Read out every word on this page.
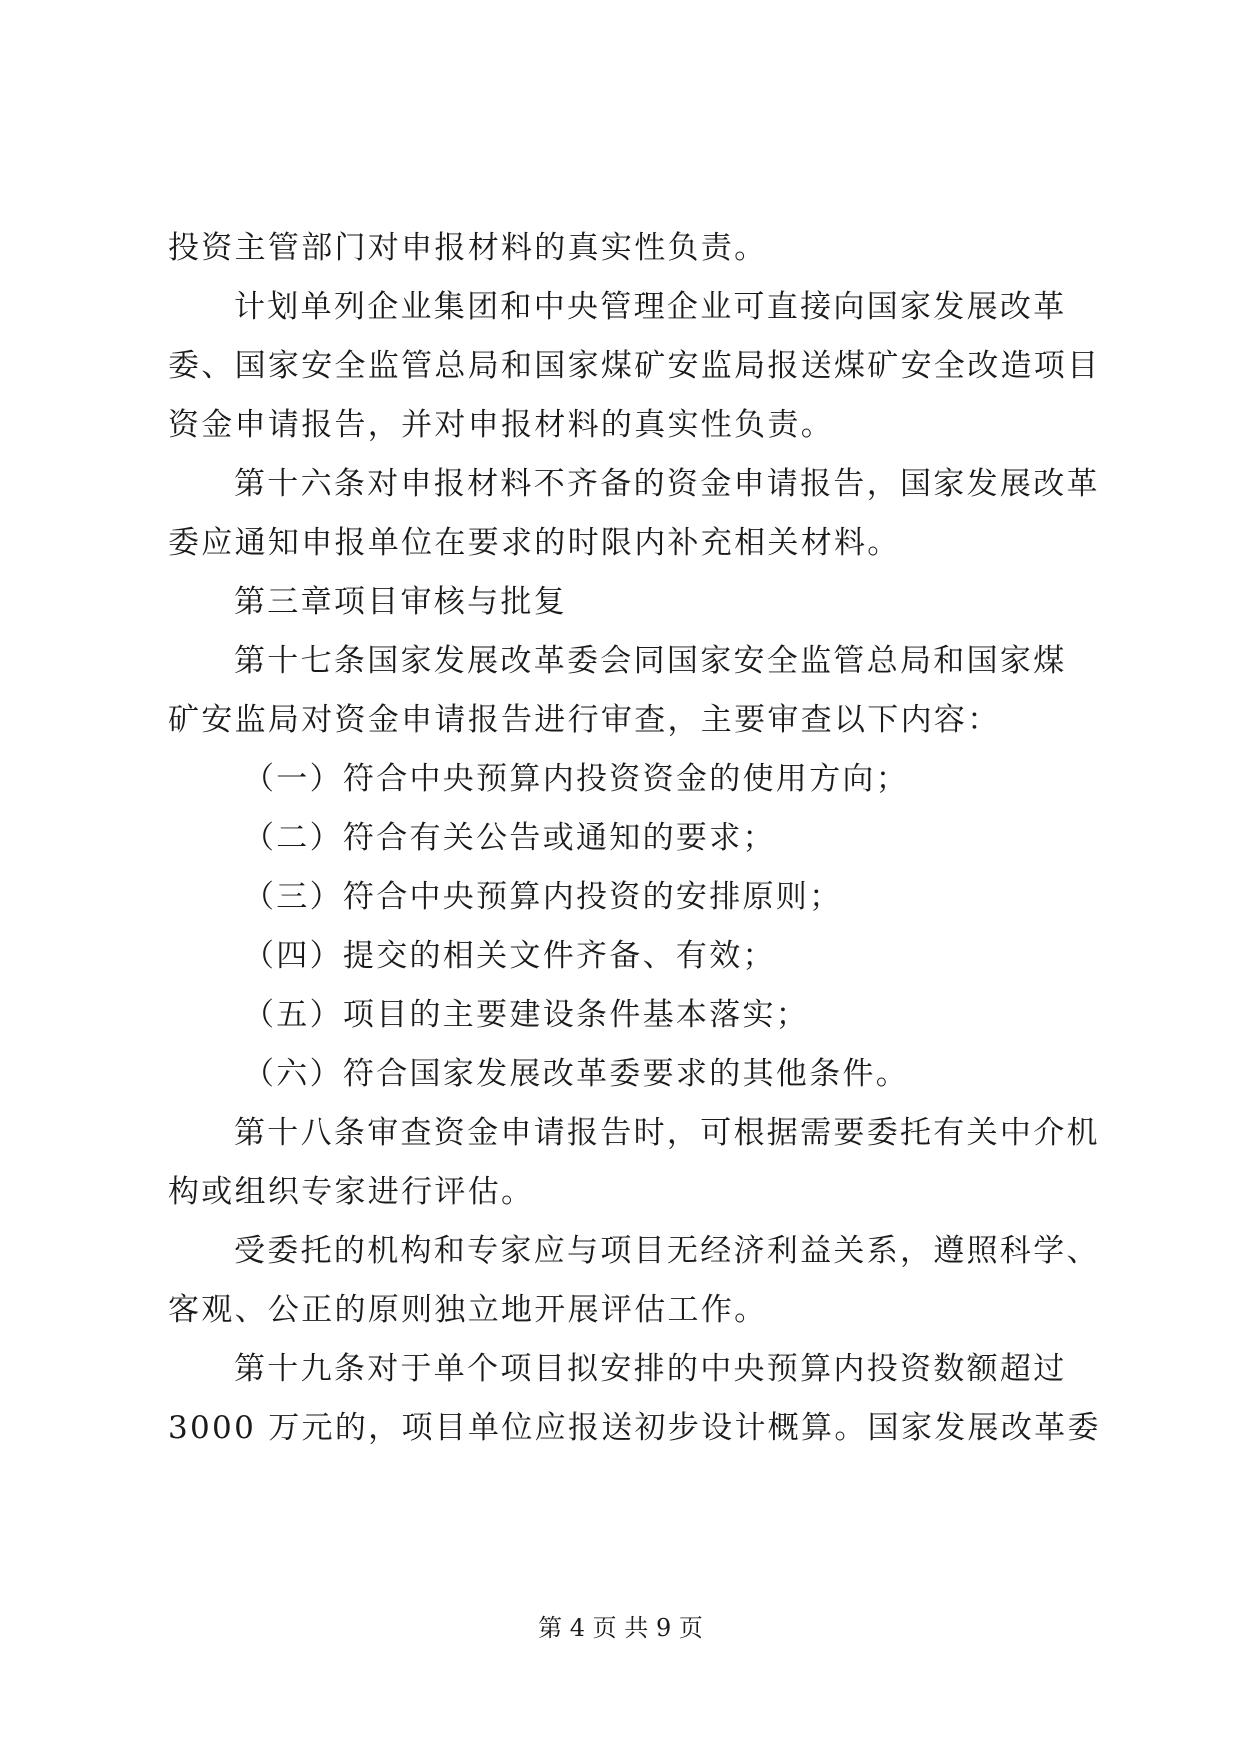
投资主管部门对申报材料的真实性负责。
计划单列企业集团和中央管理企业可直接向国家发展改革
委、国家安全监管总局和国家煤矿安监局报送煤矿安全改造项目
资金申请报告，并对申报材料的真实性负责。
第十六条对申报材料不齐备的资金申请报告，国家发展改革
委应通知申报单位在要求的时限内补充相关材料。
第三章项目审核与批复
第十七条国家发展改革委会同国家安全监管总局和国家煤
矿安监局对资金申请报告进行审查，主要审查以下内容：
（一）符合中央预算内投资资金的使用方向；
（二）符合有关公告或通知的要求；
（三）符合中央预算内投资的安排原则；
（四）提交的相关文件齐备、有效；
（五）项目的主要建设条件基本落实；
（六）符合国家发展改革委要求的其他条件。
第十八条审查资金申请报告时，可根据需要委托有关中介机
构或组织专家进行评估。
受委托的机构和专家应与项目无经济利益关系，遵照科学、
客观、公正的原则独立地开展评估工作。
第十九条对于单个项目拟安排的中央预算内投资数额超过
3000 万元的，项目单位应报送初步设计概算。国家发展改革委
第 4 页 共 9 页
